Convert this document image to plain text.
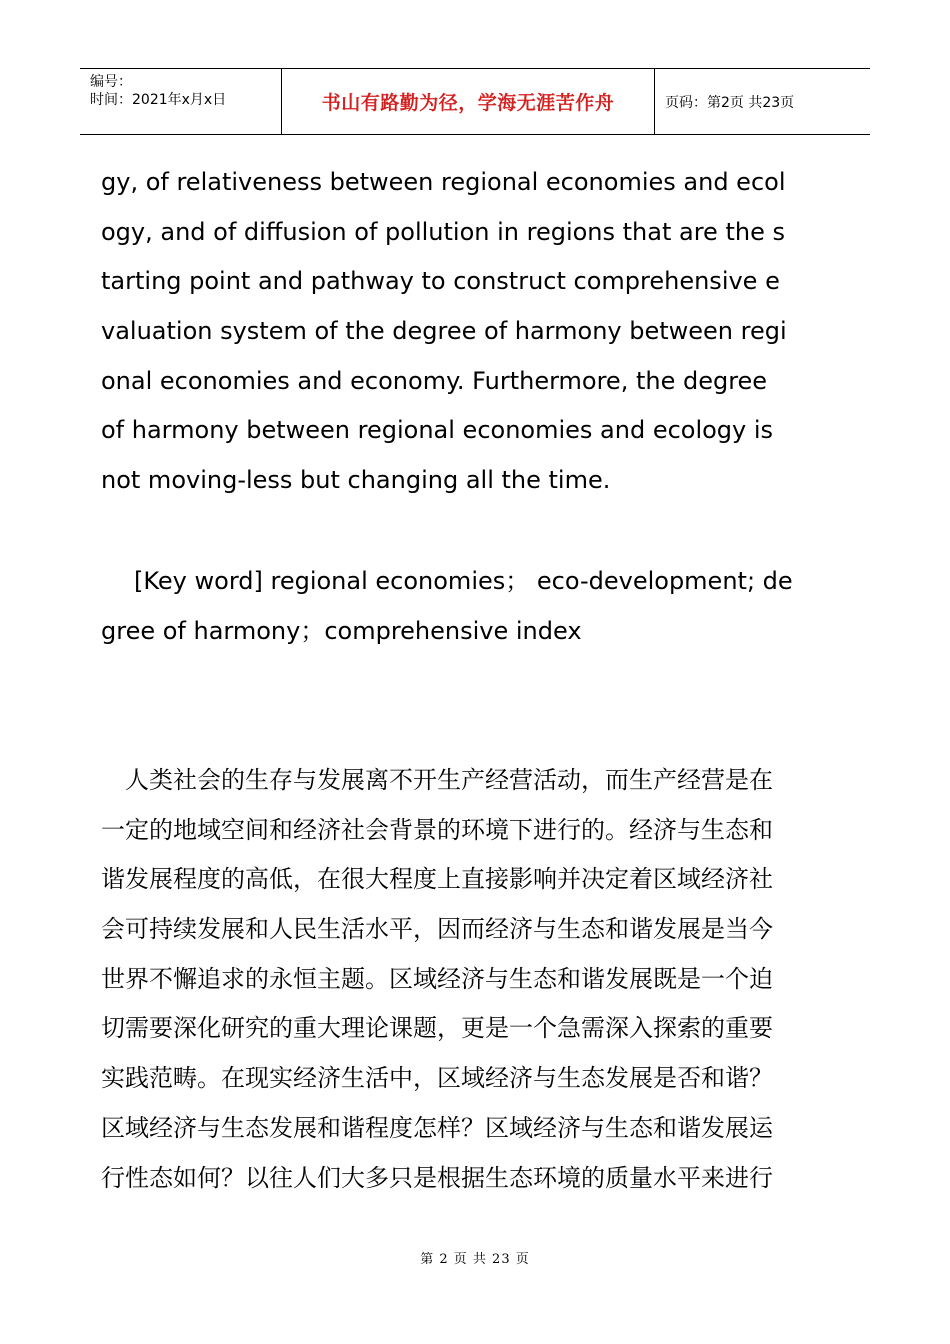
编号：
时间：2021年x月x日	书山有路勤为径，学海无涯苦作舟	页码：第2页 共23页
gy, of relativeness between regional economies and ecol
ogy, and of diffusion of pollution in regions that are the s
tarting point and pathway to construct comprehensive e
valuation system of the degree of harmony between regi
onal economies and economy. Furthermore, the degree
of harmony between regional economies and ecology is
not moving-less but changing all the time.
[Key word] regional economies； eco-development; de
gree of harmony；comprehensive index
人类社会的生存与发展离不开生产经营活动，而生产经营是在
一定的地域空间和经济社会背景的环境下进行的。经济与生态和
谐发展程度的高低，在很大程度上直接影响并决定着区域经济社
会可持续发展和人民生活水平，因而经济与生态和谐发展是当今
世界不懈追求的永恒主题。区域经济与生态和谐发展既是一个迫
切需要深化研究的重大理论课题，更是一个急需深入探索的重要
实践范畴。在现实经济生活中，区域经济与生态发展是否和谐？
区域经济与生态发展和谐程度怎样？区域经济与生态和谐发展运
行性态如何？以往人们大多只是根据生态环境的质量水平来进行
第 2 页 共 23 页
